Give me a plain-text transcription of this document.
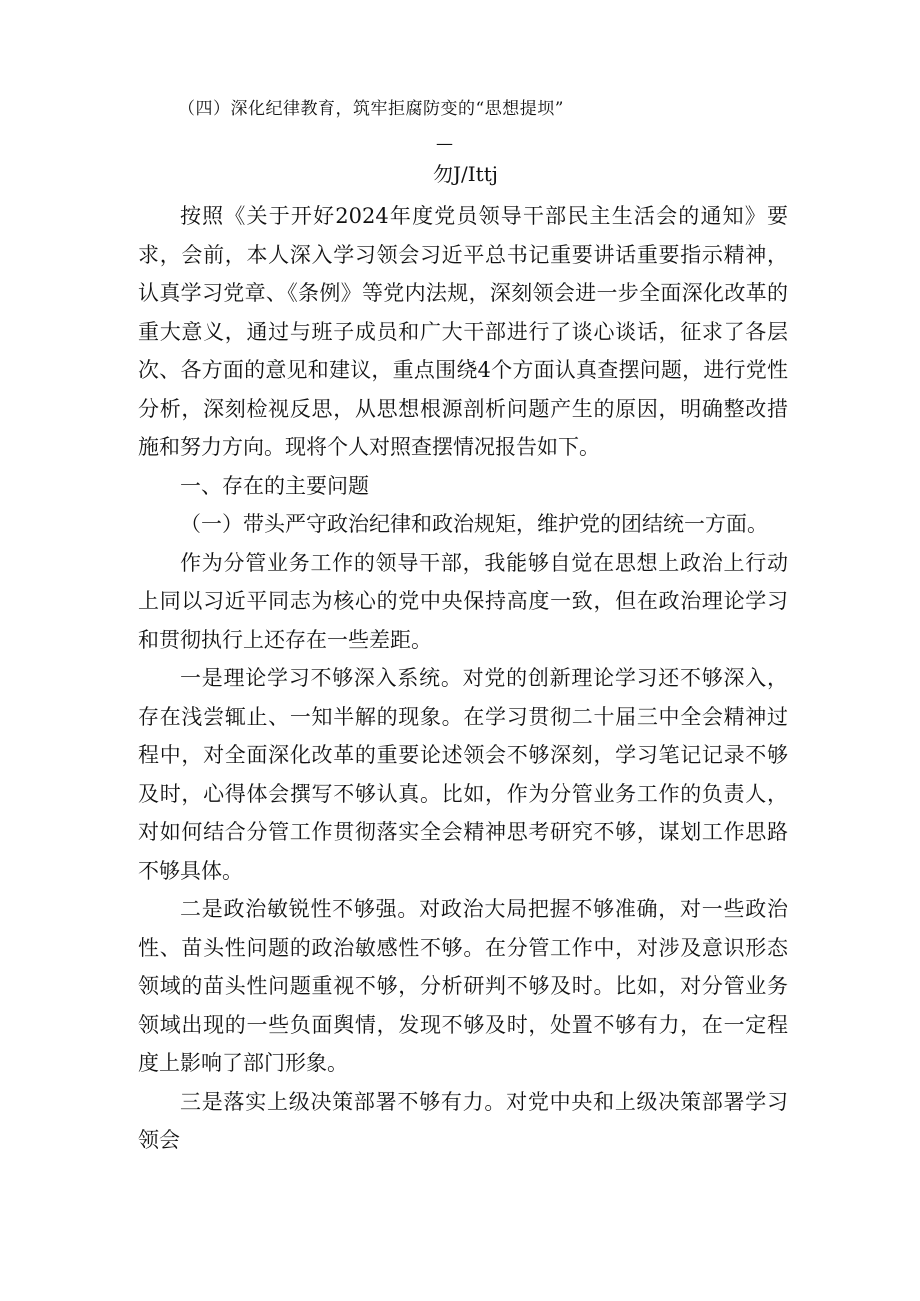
（四）深化纪律教育，筑牢拒腐防变的“思想提坝”
—
勿J/Ittj

按照《关于开好2024年度党员领导干部民主生活会的通知》要求，会前，本人深入学习领会习近平总书记重要讲话重要指示精神，认真学习党章、《条例》等党内法规，深刻领会进一步全面深化改革的重大意义，通过与班子成员和广大干部进行了谈心谈话，征求了各层次、各方面的意见和建议，重点围绕4个方面认真查摆问题，进行党性分析，深刻检视反思，从思想根源剖析问题产生的原因，明确整改措施和努力方向。现将个人对照查摆情况报告如下。

一、存在的主要问题

（一）带头严守政治纪律和政治规矩，维护党的团结统一方面。

作为分管业务工作的领导干部，我能够自觉在思想上政治上行动上同以习近平同志为核心的党中央保持高度一致，但在政治理论学习和贯彻执行上还存在一些差距。

一是理论学习不够深入系统。对党的创新理论学习还不够深入，存在浅尝辄止、一知半解的现象。在学习贯彻二十届三中全会精神过程中，对全面深化改革的重要论述领会不够深刻，学习笔记记录不够及时，心得体会撰写不够认真。比如，作为分管业务工作的负责人，对如何结合分管工作贯彻落实全会精神思考研究不够，谋划工作思路不够具体。

二是政治敏锐性不够强。对政治大局把握不够准确，对一些政治性、苗头性问题的政治敏感性不够。在分管工作中，对涉及意识形态领域的苗头性问题重视不够，分析研判不够及时。比如，对分管业务领域出现的一些负面舆情，发现不够及时，处置不够有力，在一定程度上影响了部门形象。

三是落实上级决策部署不够有力。对党中央和上级决策部署学习领会
